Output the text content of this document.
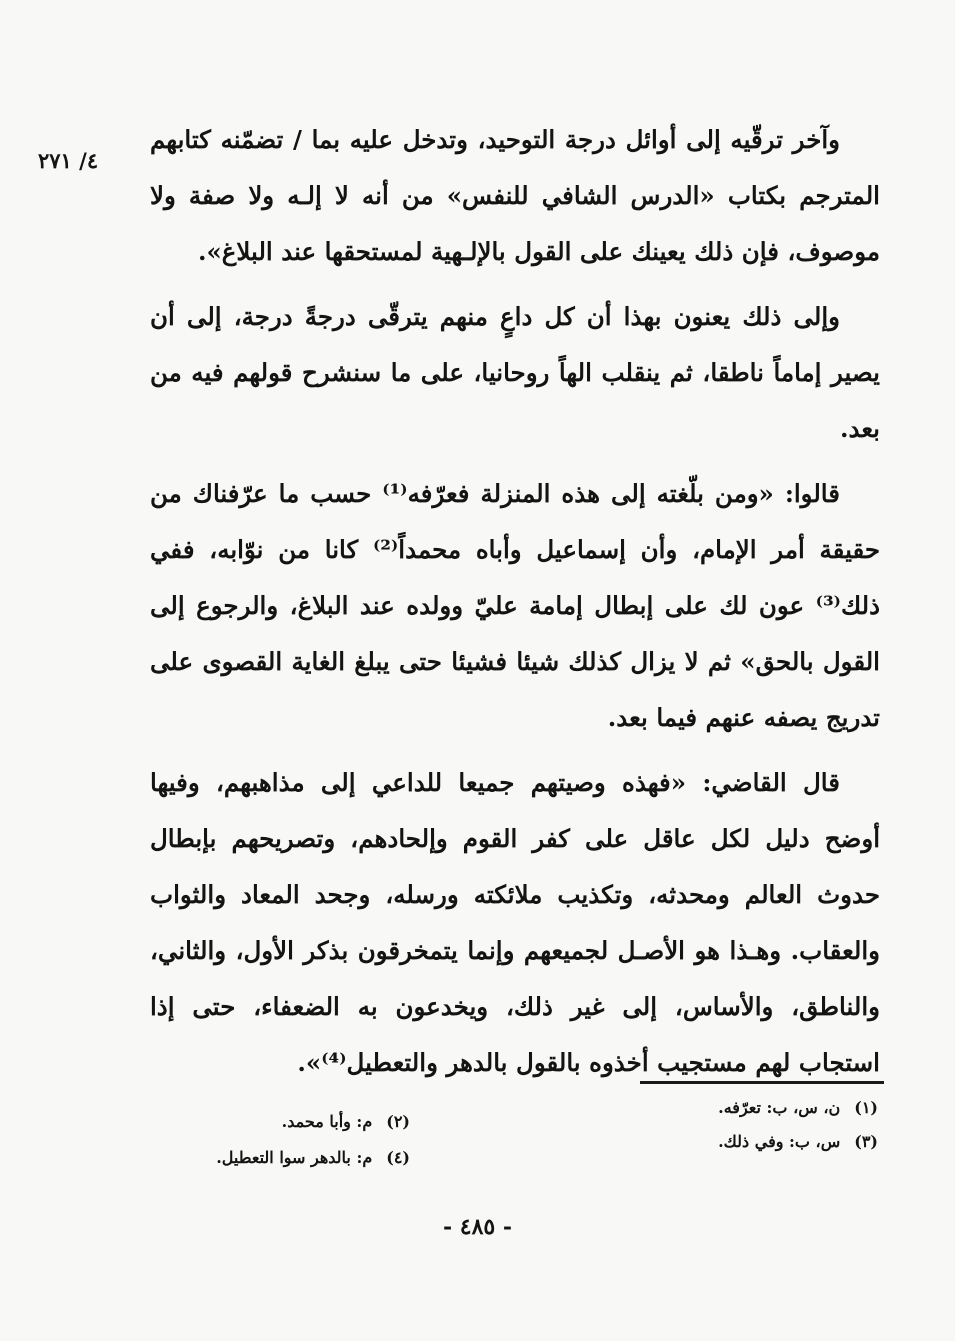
٤/ ٢٧١

وآخر ترقّيه إلى أوائل درجة التوحيد، وتدخل عليه بما / تضمّنه كتابهم المترجم بكتاب «الدرس الشافي للنفس» من أنه لا إلـه ولا صفة ولا موصوف، فإن ذلك يعينك على القول بالإلـهية لمستحقها عند البلاغ».

وإلى ذلك يعنون بهذا أن كل داعٍ منهم يترقّى درجةً درجة، إلى أن يصير إماماً ناطقا، ثم ينقلب الهاً روحانيا، على ما سنشرح قولهم فيه من بعد.

قالوا: «ومن بلّغته إلى هذه المنزلة فعرّفه⁽¹⁾ حسب ما عرّفناك من حقيقة أمر الإمام، وأن إسماعيل وأباه محمداً⁽²⁾ كانا من نوّابه، ففي ذلك⁽³⁾ عون لك على إبطال إمامة عليّ وولده عند البلاغ، والرجوع إلى القول بالحق» ثم لا يزال كذلك شيئا فشيئا حتى يبلغ الغاية القصوى على تدريج يصفه عنهم فيما بعد.

قال القاضي: «فهذه وصيتهم جميعا للداعي إلى مذاهبهم، وفيها أوضح دليل لكل عاقل على كفر القوم وإلحادهم، وتصريحهم بإبطال حدوث العالم ومحدثه، وتكذيب ملائكته ورسله، وجحد المعاد والثواب والعقاب. وهـذا هو الأصـل لجميعهم وإنما يتمخرقون بذكر الأول، والثاني، والناطق، والأساس، إلى غير ذلك، ويخدعون به الضعفاء، حتى إذا استجاب لهم مستجيب أخذوه بالقول بالدهر والتعطيل⁽⁴⁾».

(١)ن، س، ب: تعرّفه.
(٣)س، ب: وفي ذلك.
(٢)م: وأبا محمد.
(٤)م: بالدهر سوا التعطيل.
- ٤٨٥ -
